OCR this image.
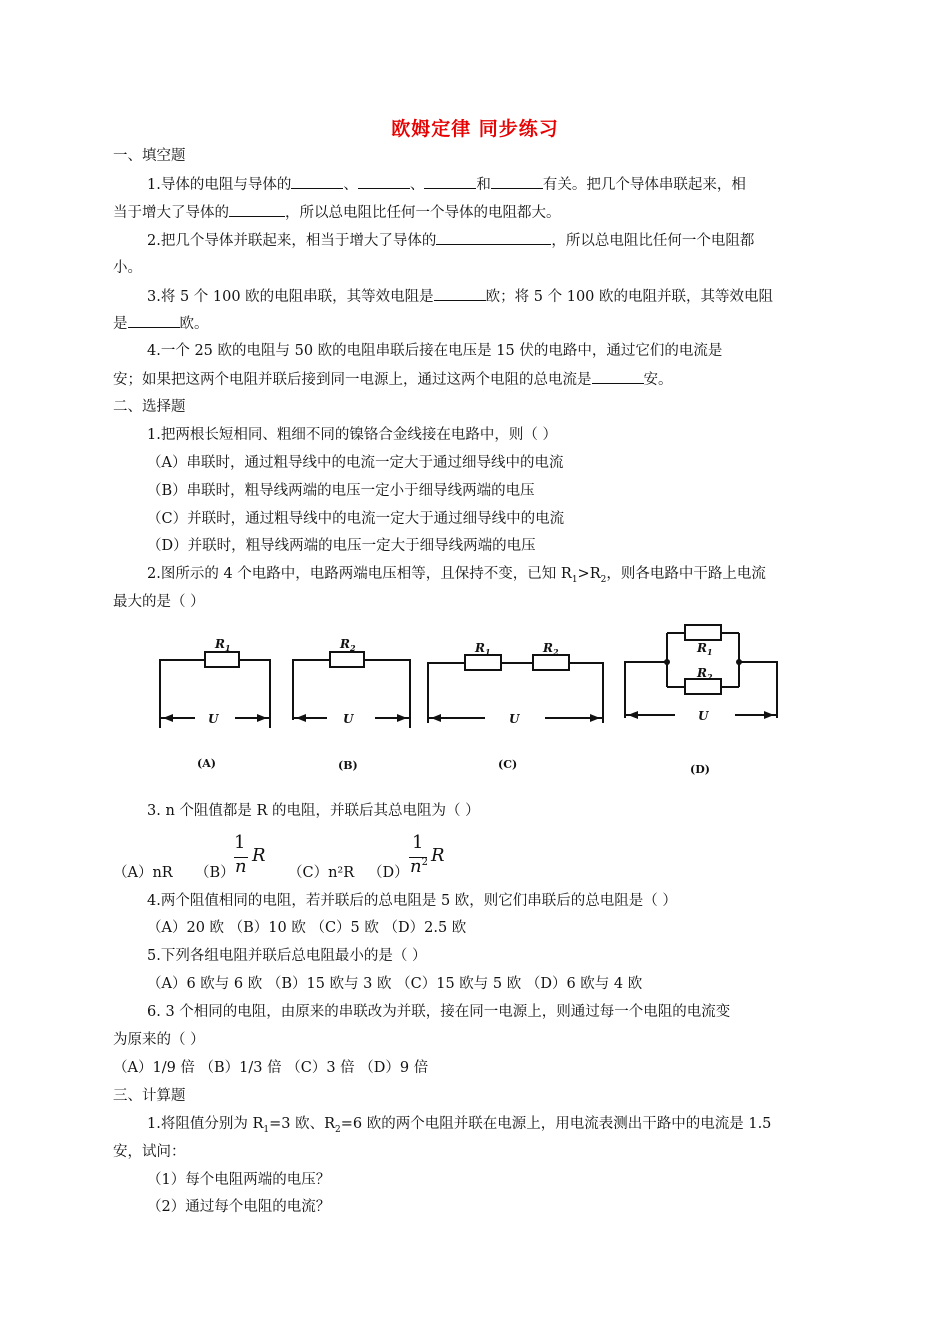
欧姆定律 同步练习
一、填空题
1.导体的电阻与导体的	、	、	和	有关。把几个导体串联起来，相
当于增大了导体的	，所以总电阻比任何一个导体的电阻都大。
2.把几个导体并联起来，相当于增大了导体的	，所以总电阻比任何一个电阻都
小。
3.将 5 个 100 欧的电阻串联，其等效电阻是	欧；将 5 个 100 欧的电阻并联，其等效电阻
是	欧。
4.一个 25 欧的电阻与 50 欧的电阻串联后接在电压是 15 伏的电路中，通过它们的电流是
安；如果把这两个电阻并联后接到同一电源上，通过这两个电阻的总电流是	安。
二、选择题
1.把两根长短相同、粗细不同的镍铬合金线接在电路中，则（ ）
（A）串联时，通过粗导线中的电流一定大于通过细导线中的电流
（B）串联时，粗导线两端的电压一定小于细导线两端的电压
（C）并联时，通过粗导线中的电流一定大于通过细导线中的电流
（D）并联时，粗导线两端的电压一定大于细导线两端的电压
2.图所示的 4 个电路中，电路两端电压相等，且保持不变，已知 $R_1>R_2$，则各电路中干路上电流
最大的是（ ）
$R_1$	$R_2$	$R_1$	$R_2$	$R_1$
$R_2$
U	U	U	U
(A)	(B)	(C)	(D)
3. n 个阻值都是 R 的电阻，并联后其总电阻为（ ）
（A）nR （B）
1
n
R
（C）n²R （D）
1
$n^2$ R
4.两个阻值相同的电阻，若并联后的总电阻是 5 欧，则它们串联后的总电阻是（ ）
（A）20 欧 （B）10 欧 （C）5 欧 （D）2.5 欧
5.下列各组电阻并联后总电阻最小的是（ ）
（A）6 欧与 6 欧 （B）15 欧与 3 欧 （C）15 欧与 5 欧 （D）6 欧与 4 欧
6. 3 个相同的电阻，由原来的串联改为并联，接在同一电源上，则通过每一个电阻的电流变
为原来的（ ）
（A）1/9 倍 （B）1/3 倍 （C）3 倍 （D）9 倍
三、计算题
1.将阻值分别为 $R_1=3$ 欧、$R_2=6$ 欧的两个电阻并联在电源上，用电流表测出干路中的电流是 1.5
安，试问：
（1）每个电阻两端的电压？
（2）通过每个电阻的电流？
